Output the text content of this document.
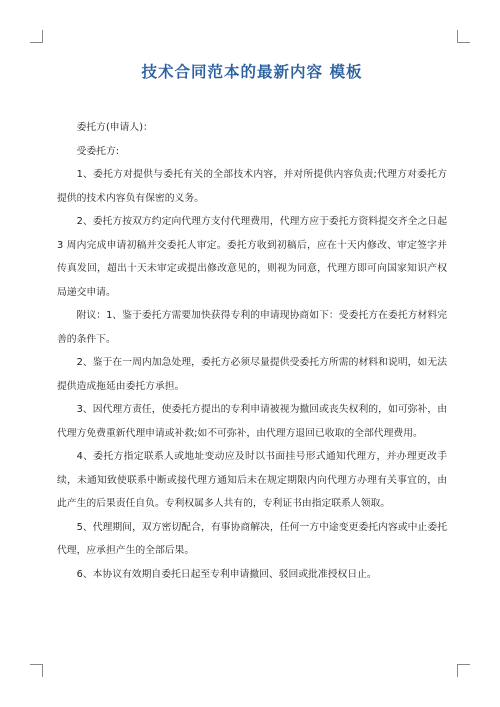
技术合同范本的最新内容 模板

委托方(申请人)：

受委托方:

1、委托方对提供与委托有关的全部技术内容，并对所提供内容负责;代理方对委托方提供的技术内容负有保密的义务。

2、委托方按双方约定向代理方支付代理费用，代理方应于委托方资料提交齐全之日起 3 周内完成申请初稿并交委托人审定。委托方收到初稿后，应在十天内修改、审定签字并传真发回，超出十天未审定或提出修改意见的，则视为同意，代理方即可向国家知识产权局递交申请。

附议：1、鉴于委托方需要加快获得专利的申请现协商如下：受委托方在委托方材料完善的条件下。

2、鉴于在一周内加急处理，委托方必须尽量提供受委托方所需的材料和说明，如无法提供造成拖延由委托方承担。

3、因代理方责任，使委托方提出的专利申请被视为撤回或丧失权利的，如可弥补，由代理方免费重新代理申请或补救;如不可弥补，由代理方退回已收取的全部代理费用。

4、委托方指定联系人或地址变动应及时以书面挂号形式通知代理方，并办理更改手续，未通知致使联系中断或接代理方通知后未在规定期限内向代理方办理有关事宜的，由此产生的后果责任自负。专利权属多人共有的，专利证书由指定联系人领取。

5、代理期间，双方密切配合，有事协商解决，任何一方中途变更委托内容或中止委托代理，应承担产生的全部后果。

6、本协议有效期自委托日起至专利申请撤回、驳回或批准授权日止。
